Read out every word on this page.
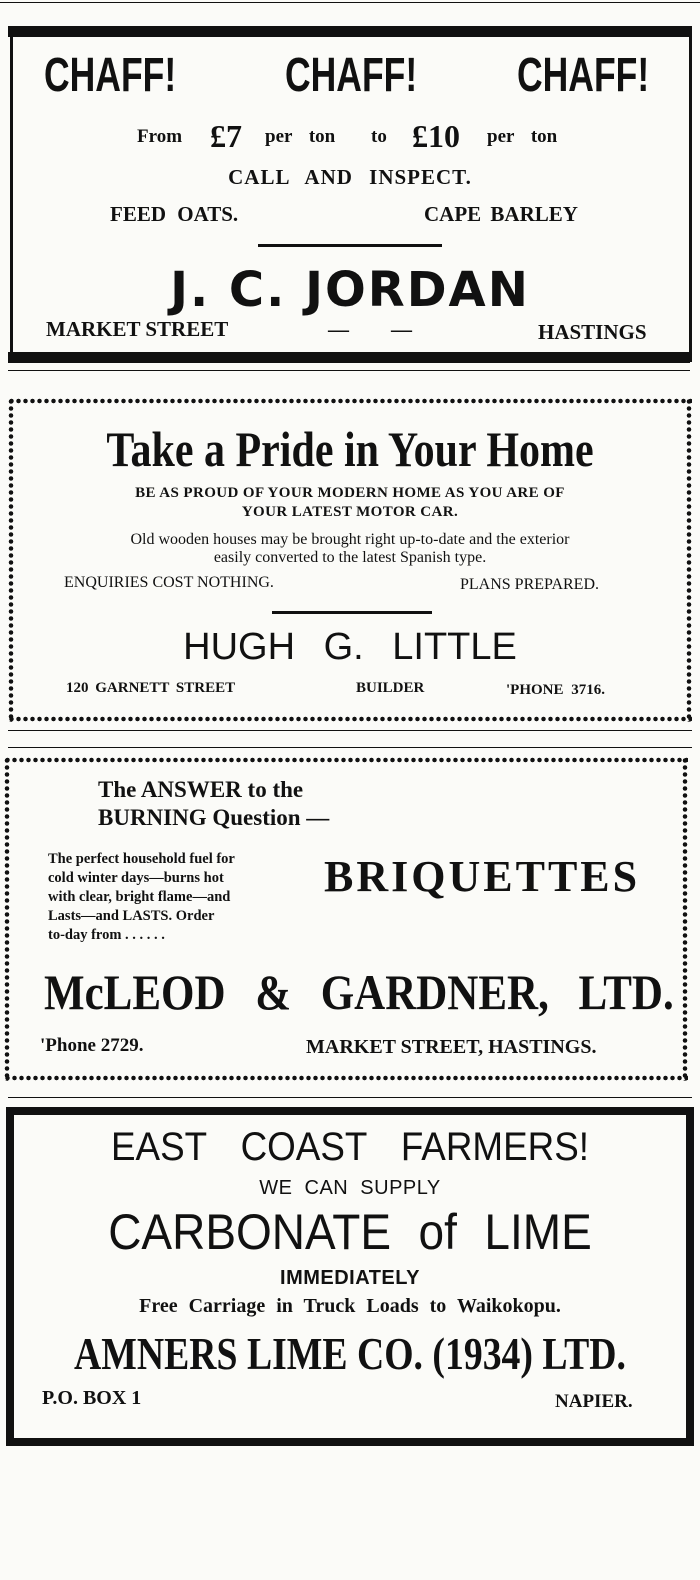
CHAFF! CHAFF! CHAFF!
From £7 per ton to £10 per ton
CALL AND INSPECT.
FEED OATS.	CAPE BARLEY
J. C. JORDAN
MARKET STREET	—        —	HASTINGS
Take a Pride in Your Home
BE AS PROUD OF YOUR MODERN HOME AS YOU ARE OF
YOUR LATEST MOTOR CAR.
Old wooden houses may be brought right up-to-date and the exterior
easily converted to the latest Spanish type.
ENQUIRIES COST NOTHING.	PLANS PREPARED.
HUGH G. LITTLE
120 GARNETT STREET	BUILDER	'PHONE 3716.
The ANSWER to the
BURNING Question —
The perfect household fuel for
cold winter days—burns hot
with clear, bright flame—and
Lasts—and LASTS. Order
to-day from . . . . . .
BRIQUETTES
McLEOD & GARDNER, LTD.
'Phone 2729.	MARKET STREET, HASTINGS.
EAST COAST FARMERS!
WE CAN SUPPLY
CARBONATE of LIME
IMMEDIATELY
Free Carriage in Truck Loads to Waikokopu.
AMNERS LIME CO. (1934) LTD.
P.O. BOX 1	NAPIER.
